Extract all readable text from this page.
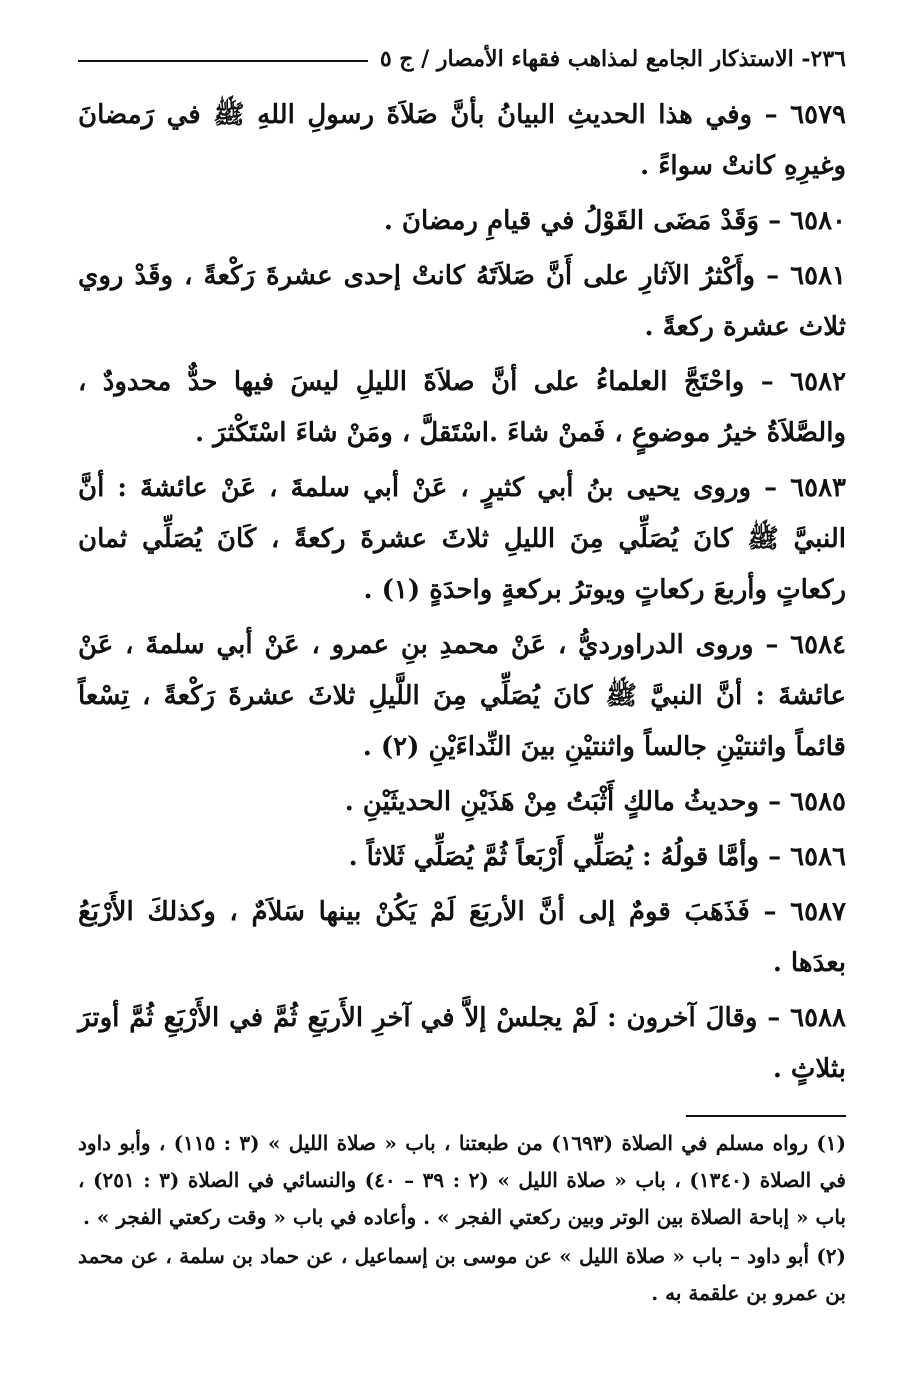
٢٣٦- الاستذكار الجامع لمذاهب فقهاء الأمصار / ج ٥

٦٥٧٩ – وفي هذا الحديثِ البيانُ بأنَّ صَلاَةَ رسولِ اللهِ ﷺ في رَمضانَ وغيرِهِ كانتْ سواءً .

٦٥٨٠ – وَقَدْ مَضَى القَوْلُ في قيامِ رمضانَ .

٦٥٨١ – وأَكْثرُ الآثارِ على أَنَّ صَلاَتَهُ كانتْ إحدى عشرةَ رَكْعةً ، وقَدْ روي ثلاث عشرة ركعةً .

٦٥٨٢ – واحْتَجَّ العلماءُ على أنَّ صلاَةَ الليلِ ليسَ فيها حدٌّ محدودٌ ، والصَّلاَةُ خيرُ موضوعٍ ، فَمنْ شاءَ .اسْتَقلَّ ، ومَنْ شاءَ اسْتَكْثرَ .

٦٥٨٣ – وروى يحيى بنُ أبي كثيرٍ ، عَنْ أبي سلمةَ ، عَنْ عائشةَ : أنَّ النبيَّ ﷺ كانَ يُصَلِّي مِنَ الليلِ ثلاثَ عشرةَ ركعةً ، كَانَ يُصَلِّي ثمان ركعاتٍ وأربعَ ركعاتٍ ويوترُ بركعةٍ واحدَةٍ (١) .

٦٥٨٤ – وروى الدراورديُّ ، عَنْ محمدِ بنِ عمرو ، عَنْ أبي سلمةَ ، عَنْ عائشةَ : أنَّ النبيَّ ﷺ كانَ يُصَلِّي مِنَ اللَّيلِ ثلاثَ عشرةَ رَكْعةً ، تِسْعاً قائماً واثنتيْنِ جالساً واثنتيْنِ بينَ النِّداءَيْنِ (٢) .

٦٥٨٥ – وحديثُ مالكٍ أَثْبَتُ مِنْ هَذَيْنِ الحديثَيْنِ .

٦٥٨٦ – وأمَّا قولُهُ : يُصَلِّي أَرْبَعاً ثُمَّ يُصَلِّي ثَلاثاً .

٦٥٨٧ – فَذَهَبَ قومٌ إلى أنَّ الأربَعَ لَمْ يَكُنْ بينها سَلاَمٌ ، وكذلكَ الأَرْبَعُ بعدَها .

٦٥٨٨ – وقالَ آخرون : لَمْ يجلسْ إلاَّ في آخرِ الأَربَعِ ثُمَّ في الأَرْبَعِ ثُمَّ أوترَ بثلاثٍ .

(١) رواه مسلم في الصلاة (١٦٩٣) من طبعتنا ، باب « صلاة الليل » (٣ : ١١٥) ، وأبو داود في الصلاة (١٣٤٠) ، باب « صلاة الليل » (٢ : ٣٩ – ٤٠) والنسائي في الصلاة (٣ : ٢٥١) ، باب « إباحة الصلاة بين الوتر وبين ركعتي الفجر » . وأعاده في باب « وقت ركعتي الفجر » .

(٢) أبو داود – باب « صلاة الليل » عن موسى بن إسماعيل ، عن حماد بن سلمة ، عن محمد بن عمرو بن علقمة به .
